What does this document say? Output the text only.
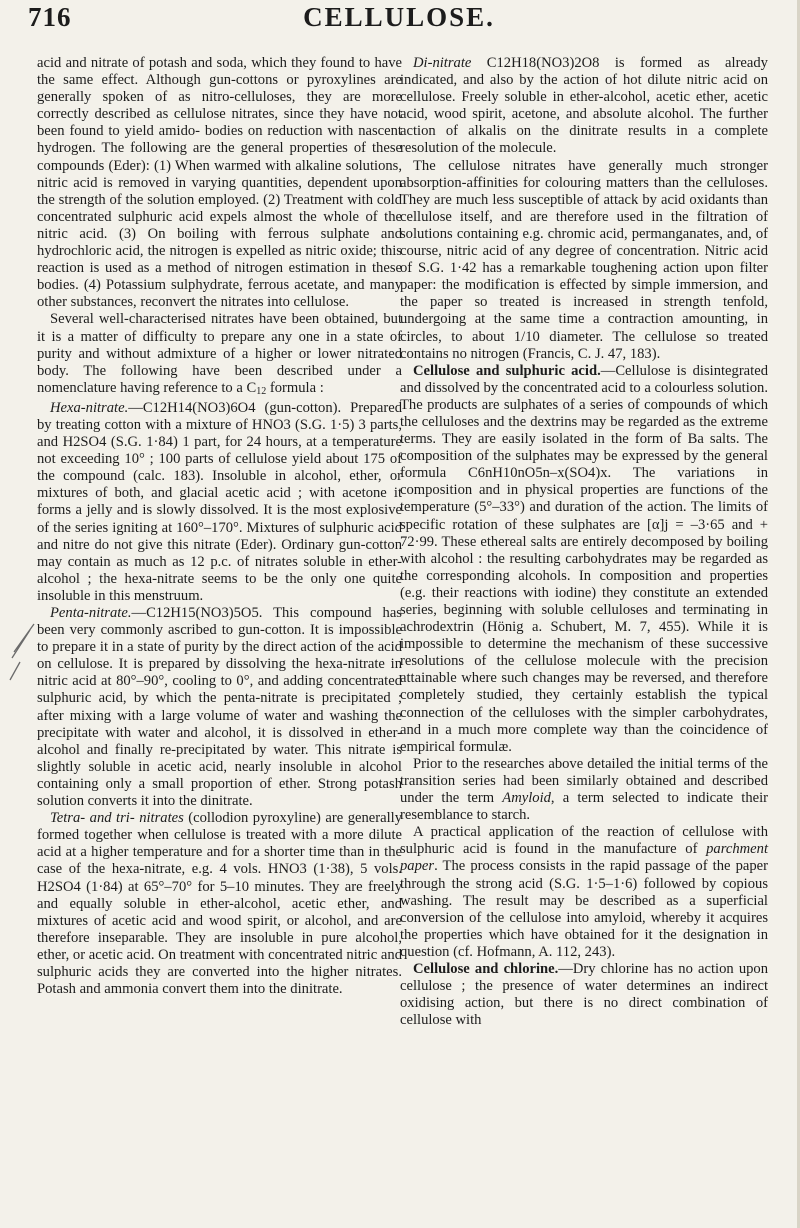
716	CELLULOSE.

acid and nitrate of potash and soda, which they found to have the same effect. Although gun-cottons or pyroxylines are generally spoken of as nitro-celluloses, they are more correctly described as cellulose nitrates, since they have not been found to yield amido- bodies on reduction with nascent hydrogen. The following are the general properties of these compounds (Eder): (1) When warmed with alkaline solutions, nitric acid is removed in varying quantities, dependent upon the strength of the solution employed. (2) Treatment with cold concentrated sulphuric acid expels almost the whole of the nitric acid. (3) On boiling with ferrous sulphate and hydrochloric acid, the nitrogen is expelled as nitric oxide; this reaction is used as a method of nitrogen estimation in these bodies. (4) Potassium sulphydrate, ferrous acetate, and many other substances, reconvert the nitrates into cellulose.

Several well-characterised nitrates have been obtained, but it is a matter of difficulty to prepare any one in a state of purity and without admixture of a higher or lower nitrated body. The following have been described under a nomenclature having reference to a $C_{12}$ formula :

Hexa-nitrate.—C12H14(NO3)6O4 (gun-cotton). Prepared by treating cotton with a mixture of HNO3 (S.G. 1·5) 3 parts, and H2SO4 (S.G. 1·84) 1 part, for 24 hours, at a temperature not exceeding 10° ; 100 parts of cellulose yield about 175 of the compound (calc. 183). Insoluble in alcohol, ether, or mixtures of both, and glacial acetic acid ; with acetone it forms a jelly and is slowly dissolved. It is the most explosive of the series igniting at 160°–170°. Mixtures of sulphuric acid and nitre do not give this nitrate (Eder). Ordinary gun-cotton may contain as much as 12 p.c. of nitrates soluble in ether-alcohol ; the hexa-nitrate seems to be the only one quite insoluble in this menstruum.

Penta-nitrate.—C12H15(NO3)5O5. This compound has been very commonly ascribed to gun-cotton. It is impossible to prepare it in a state of purity by the direct action of the acid on cellulose. It is prepared by dissolving the hexa-nitrate in nitric acid at 80°–90°, cooling to 0°, and adding concentrated sulphuric acid, by which the penta-nitrate is precipitated ; after mixing with a large volume of water and washing the precipitate with water and alcohol, it is dissolved in ether-alcohol and finally re-precipitated by water. This nitrate is slightly soluble in acetic acid, nearly insoluble in alcohol containing only a small proportion of ether. Strong potash solution converts it into the dinitrate.

Tetra- and tri- nitrates (collodion pyroxyline) are generally formed together when cellulose is treated with a more dilute acid at a higher temperature and for a shorter time than in the case of the hexa-nitrate, e.g. 4 vols. HNO3 (1·38), 5 vols. H2SO4 (1·84) at 65°–70° for 5–10 minutes. They are freely and equally soluble in ether-alcohol, acetic ether, and mixtures of acetic acid and wood spirit, or alcohol, and are therefore inseparable. They are insoluble in pure alcohol, ether, or acetic acid. On treatment with concentrated nitric and sulphuric acids they are converted into the higher nitrates. Potash and ammonia convert them into the dinitrate.

Di-nitrate C12H18(NO3)2O8 is formed as already indicated, and also by the action of hot dilute nitric acid on cellulose. Freely soluble in ether-alcohol, acetic ether, acetic acid, wood spirit, acetone, and absolute alcohol. The further action of alkalis on the dinitrate results in a complete resolution of the molecule.

The cellulose nitrates have generally much stronger absorption-affinities for colouring matters than the celluloses. They are much less susceptible of attack by acid oxidants than cellulose itself, and are therefore used in the filtration of solutions containing e.g. chromic acid, permanganates, and, of course, nitric acid of any degree of concentration. Nitric acid of S.G. 1·42 has a remarkable toughening action upon filter paper: the modification is effected by simple immersion, and the paper so treated is increased in strength tenfold, undergoing at the same time a contraction amounting, in circles, to about 1/10 diameter. The cellulose so treated contains no nitrogen (Francis, C. J. 47, 183).

Cellulose and sulphuric acid.—Cellulose is disintegrated and dissolved by the concentrated acid to a colourless solution. The products are sulphates of a series of compounds of which the celluloses and the dextrins may be regarded as the extreme terms. They are easily isolated in the form of Ba salts. The composition of the sulphates may be expressed by the general formula C6nH10nO5n–x(SO4)x. The variations in composition and in physical properties are functions of the temperature (5°–33°) and duration of the action. The limits of specific rotation of these sulphates are [α]j = –3·65 and + 72·99. These ethereal salts are entirely decomposed by boiling with alcohol : the resulting carbohydrates may be regarded as the corresponding alcohols. In composition and properties (e.g. their reactions with iodine) they constitute an extended series, beginning with soluble celluloses and terminating in achrodextrin (Hönig a. Schubert, M. 7, 455). While it is impossible to determine the mechanism of these successive resolutions of the cellulose molecule with the precision attainable where such changes may be reversed, and therefore completely studied, they certainly establish the typical connection of the celluloses with the simpler carbohydrates, and in a much more complete way than the coincidence of empirical formulæ.

Prior to the researches above detailed the initial terms of the transition series had been similarly obtained and described under the term Amyloid, a term selected to indicate their resemblance to starch.

A practical application of the reaction of cellulose with sulphuric acid is found in the manufacture of parchment paper. The process consists in the rapid passage of the paper through the strong acid (S.G. 1·5–1·6) followed by copious washing. The result may be described as a superficial conversion of the cellulose into amyloid, whereby it acquires the properties which have obtained for it the designation in question (cf. Hofmann, A. 112, 243).

Cellulose and chlorine.—Dry chlorine has no action upon cellulose ; the presence of water determines an indirect oxidising action, but there is no direct combination of cellulose with
